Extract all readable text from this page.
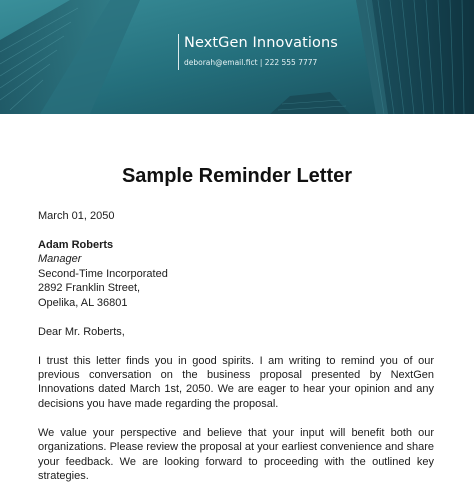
NextGen Innovations
deborah@email.fict | 222 555 7777
Sample Reminder Letter
March 01, 2050
Adam Roberts
Manager
Second-Time Incorporated
2892 Franklin Street,
Opelika, AL 36801
Dear Mr. Roberts,
I trust this letter finds you in good spirits. I am writing to remind you of our previous conversation on the business proposal presented by NextGen Innovations dated March 1st, 2050. We are eager to hear your opinion and any decisions you have made regarding the proposal.
We value your perspective and believe that your input will benefit both our organizations. Please review the proposal at your earliest convenience and share your feedback. We are looking forward to proceeding with the outlined key strategies.
